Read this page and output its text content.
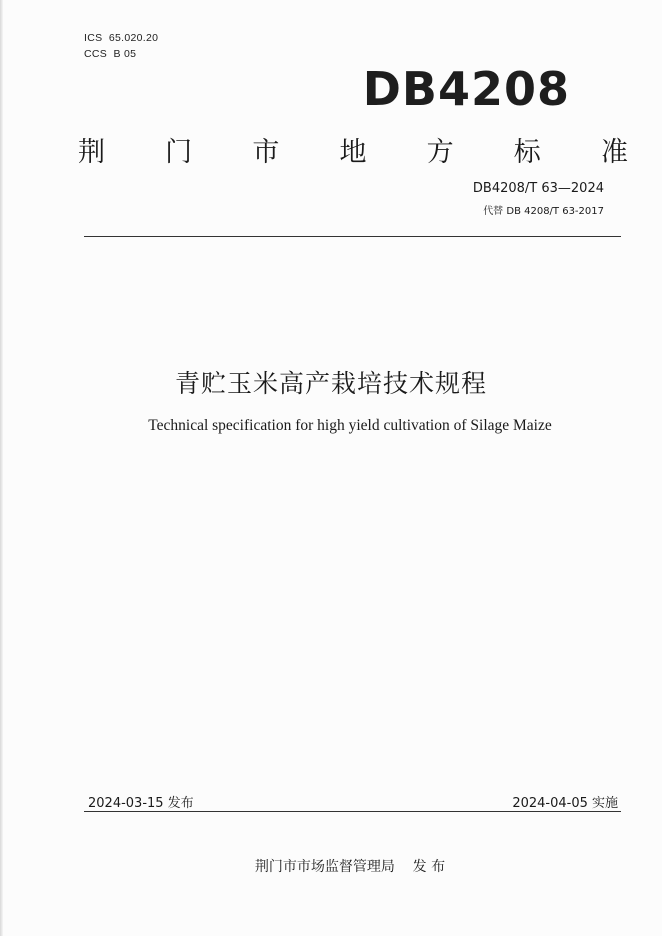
ICS  65.020.20
CCS  B 05
DB4208
荆 门 市 地 方 标 准
DB4208/T 63—2024
代替 DB 4208/T 63-2017
青贮玉米高产栽培技术规程
Technical specification for high yield cultivation of Silage Maize
2024-03-15 发布	2024-04-05 实施
荆门市市场监督管理局    发 布
